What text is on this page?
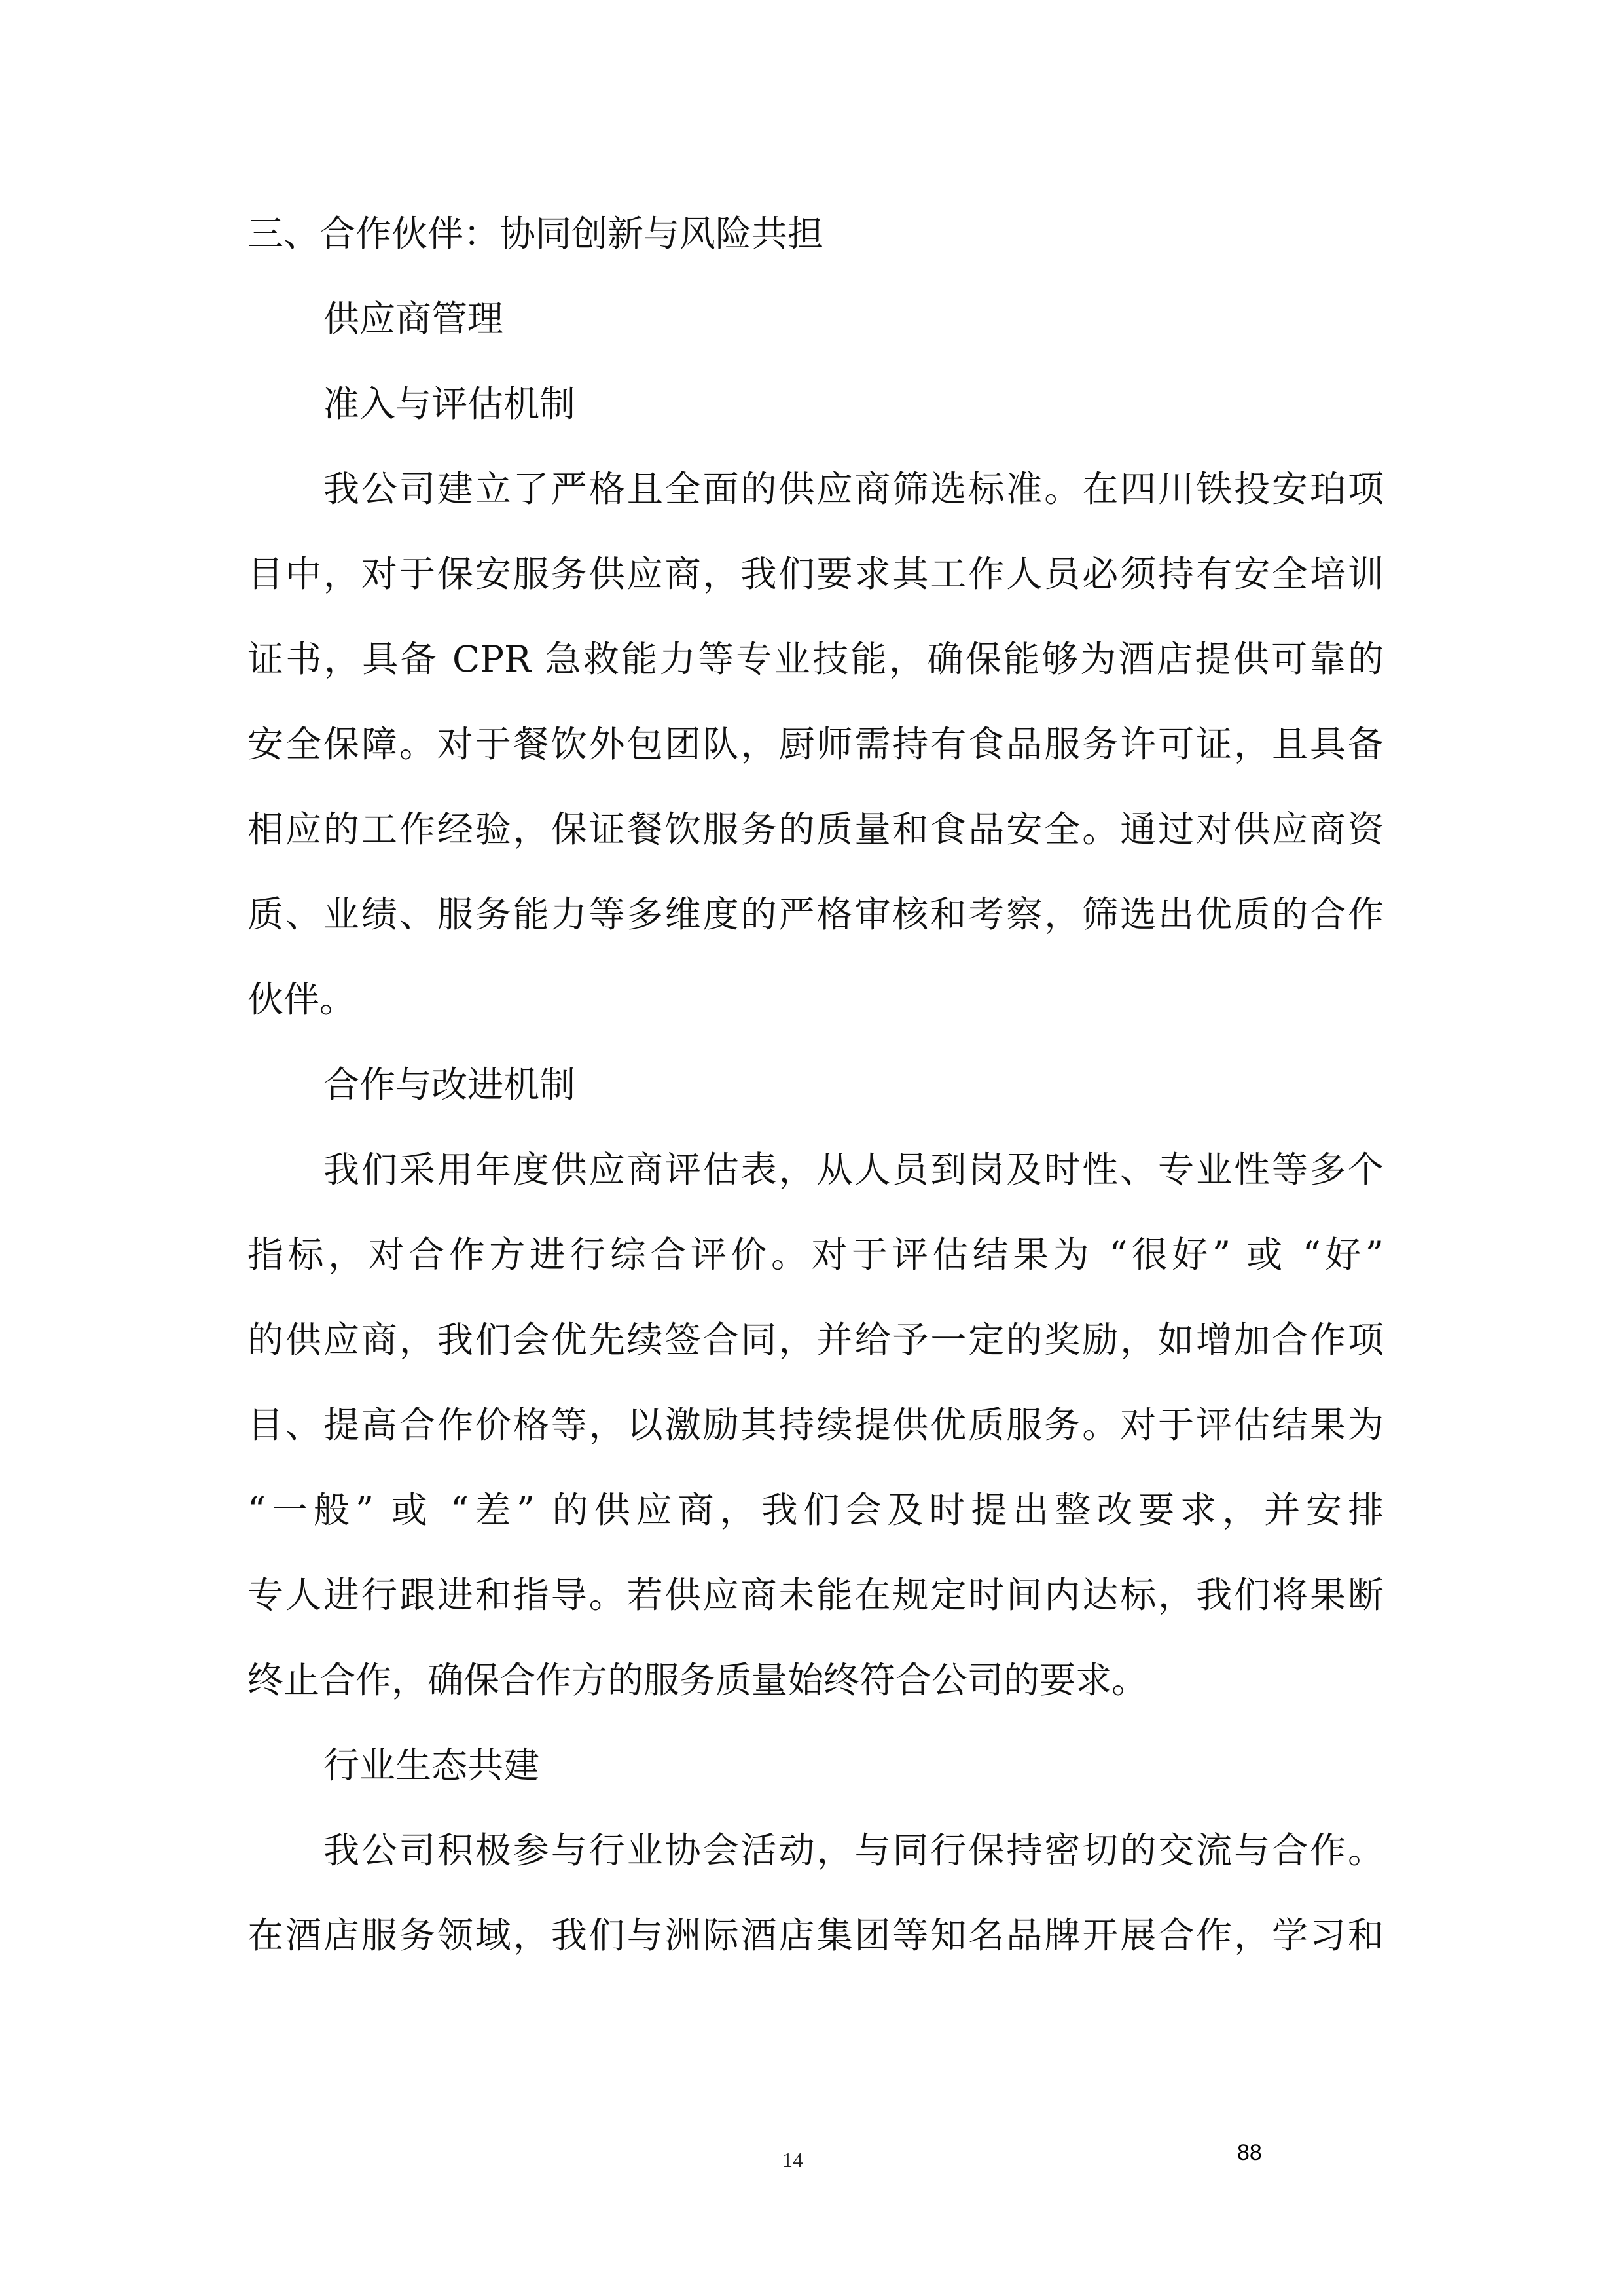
三、合作伙伴：协同创新与风险共担
供应商管理
准入与评估机制
我公司建立了严格且全面的供应商筛选标准。在四川铁投安珀项
目中，对于保安服务供应商，我们要求其工作人员必须持有安全培训
证书，具备 CPR 急救能力等专业技能，确保能够为酒店提供可靠的
安全保障。对于餐饮外包团队，厨师需持有食品服务许可证，且具备
相应的工作经验，保证餐饮服务的质量和食品安全。通过对供应商资
质、业绩、服务能力等多维度的严格审核和考察，筛选出优质的合作
伙伴。
合作与改进机制
我们采用年度供应商评估表，从人员到岗及时性、专业性等多个
指标，对合作方进行综合评价。对于评估结果为 “很好” 或 “好”
的供应商，我们会优先续签合同，并给予一定的奖励，如增加合作项
目、提高合作价格等，以激励其持续提供优质服务。对于评估结果为
“一般” 或 “差” 的供应商，我们会及时提出整改要求，并安排
专人进行跟进和指导。若供应商未能在规定时间内达标，我们将果断
终止合作，确保合作方的服务质量始终符合公司的要求。
行业生态共建
我公司积极参与行业协会活动，与同行保持密切的交流与合作。
在酒店服务领域，我们与洲际酒店集团等知名品牌开展合作，学习和
14	88
